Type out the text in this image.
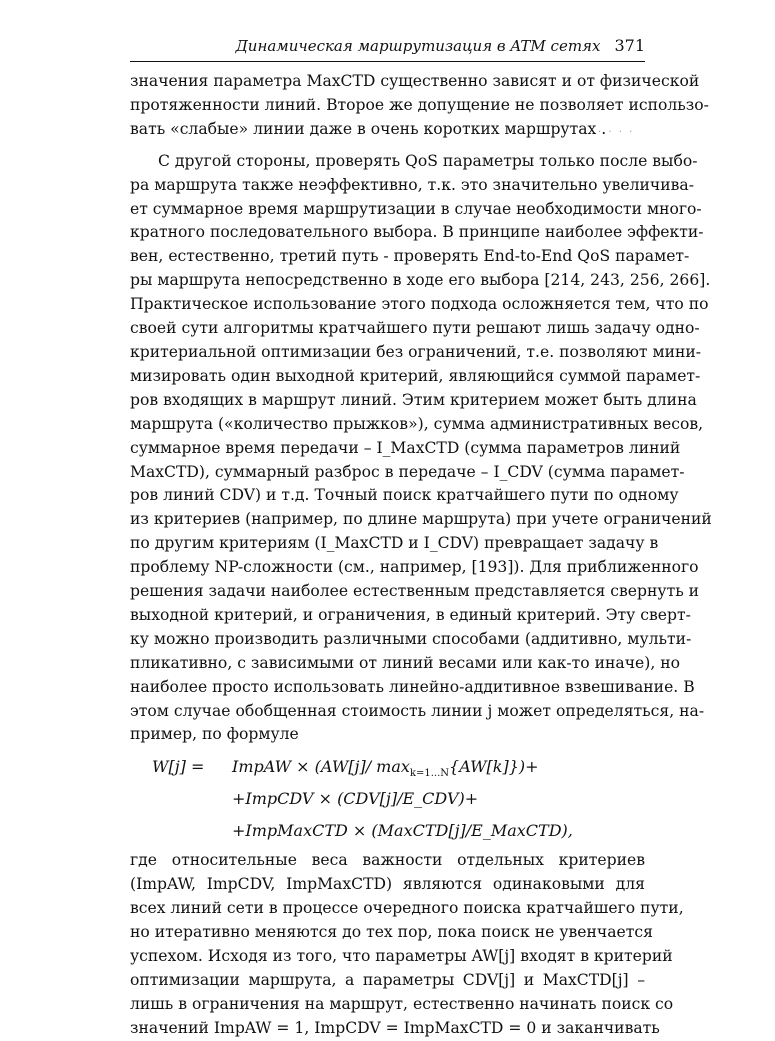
Динамическая маршрутизация в ATM сетях 371
. . . .
значения параметра MaxCTD существенно зависят и от физической
протяженности линий. Второе же допущение не позволяет использо-
вать «слабые» линии даже в очень коротких маршрутах .
С другой стороны, проверять QoS параметры только после выбо-
ра маршрута также неэффективно, т.к. это значительно увеличива-
ет суммарное время маршрутизации в случае необходимости много-
кратного последовательного выбора. В принципе наиболее эффекти-
вен, естественно, третий путь - проверять End-to-End QoS парамет-
ры маршрута непосредственно в ходе его выбора [214, 243, 256, 266].
Практическое использование этого подхода осложняется тем, что по
своей сути алгоритмы кратчайшего пути решают лишь задачу одно-
критериальной оптимизации без ограничений, т.е. позволяют мини-
мизировать один выходной критерий, являющийся суммой парамет-
ров входящих в маршрут линий. Этим критерием может быть длина
маршрута («количество прыжков»), сумма административных весов,
суммарное время передачи – I_MaxCTD (сумма параметров линий
MaxCTD), суммарный разброс в передаче – I_CDV (сумма парамет-
ров линий CDV) и т.д. Точный поиск кратчайшего пути по одному
из критериев (например, по длине маршрута) при учете ограничений
по другим критериям (I_MaxCTD и I_CDV) превращает задачу в
проблему NP-сложности (см., например, [193]). Для приближенного
решения задачи наиболее естественным представляется свернуть и
выходной критерий, и ограничения, в единый критерий. Эту сверт-
ку можно производить различными способами (аддитивно, мульти-
пликативно, с зависимыми от линий весами или как-то иначе), но
наиболее просто использовать линейно-аддитивное взвешивание. В
этом случае обобщенная стоимость линии j может определяться, на-
пример, по формуле
W[j] = ImpAW × (AW[j]/ $\max_{k=1...N}\{AW[k]\})+$
+ImpCDV × (CDV[j]/E_CDV)+
+ImpMaxCTD × (MaxCTD[j]/E_MaxCTD),
где относительные веса важности отдельных критериев
(ImpAW, ImpCDV, ImpMaxCTD) являются одинаковыми для
всех линий сети в процессе очередного поиска кратчайшего пути,
но итеративно меняются до тех пор, пока поиск не увенчается
успехом. Исходя из того, что параметры AW[j] входят в критерий
оптимизации маршрута, а параметры CDV[j] и MaxCTD[j] –
лишь в ограничения на маршрут, естественно начинать поиск со
значений ImpAW = 1, ImpCDV = ImpMaxCTD = 0 и заканчивать
